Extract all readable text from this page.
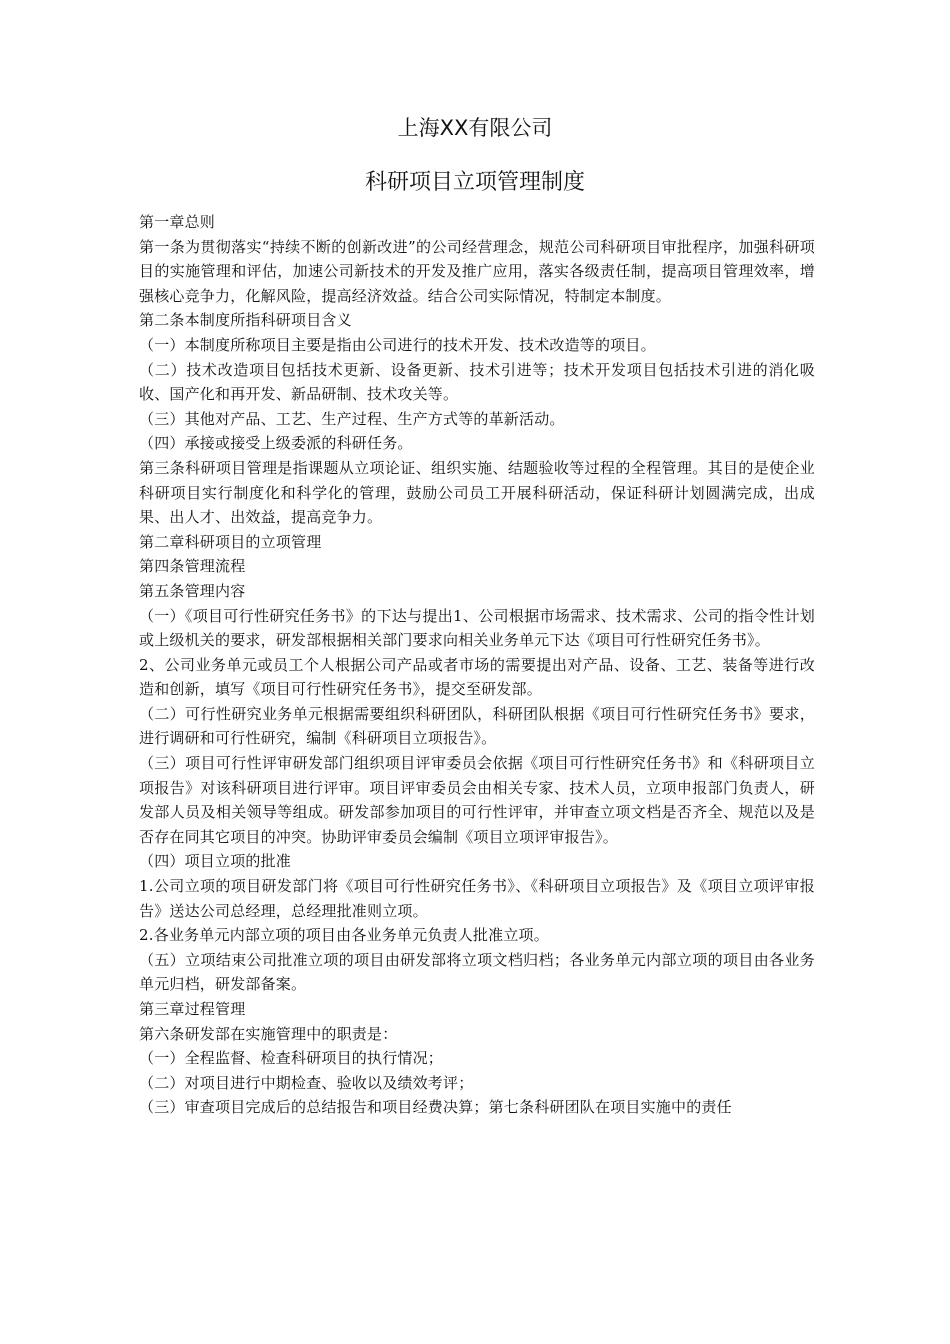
上海XX有限公司
科研项目立项管理制度

第一章总则

第一条为贯彻落实“持续不断的创新改进”的公司经营理念，规范公司科研项目审批程序，加强科研项目的实施管理和评估，加速公司新技术的开发及推广应用，落实各级责任制，提高项目管理效率，增强核心竞争力，化解风险，提高经济效益。结合公司实际情况，特制定本制度。

第二条本制度所指科研项目含义

（一）本制度所称项目主要是指由公司进行的技术开发、技术改造等的项目。

（二）技术改造项目包括技术更新、设备更新、技术引进等；技术开发项目包括技术引进的消化吸收、国产化和再开发、新品研制、技术攻关等。

（三）其他对产品、工艺、生产过程、生产方式等的革新活动。

（四）承接或接受上级委派的科研任务。

第三条科研项目管理是指课题从立项论证、组织实施、结题验收等过程的全程管理。其目的是使企业科研项目实行制度化和科学化的管理，鼓励公司员工开展科研活动，保证科研计划圆满完成，出成果、出人才、出效益，提高竞争力。

第二章科研项目的立项管理

第四条管理流程

第五条管理内容

（一）《项目可行性研究任务书》的下达与提出1、公司根据市场需求、技术需求、公司的指令性计划或上级机关的要求，研发部根据相关部门要求向相关业务单元下达《项目可行性研究任务书》。

2、公司业务单元或员工个人根据公司产品或者市场的需要提出对产品、设备、工艺、装备等进行改造和创新，填写《项目可行性研究任务书》，提交至研发部。

（二）可行性研究业务单元根据需要组织科研团队，科研团队根据《项目可行性研究任务书》要求，进行调研和可行性研究，编制《科研项目立项报告》。

（三）项目可行性评审研发部门组织项目评审委员会依据《项目可行性研究任务书》和《科研项目立项报告》对该科研项目进行评审。项目评审委员会由相关专家、技术人员，立项申报部门负责人，研发部人员及相关领导等组成。研发部参加项目的可行性评审，并审查立项文档是否齐全、规范以及是否存在同其它项目的冲突。协助评审委员会编制《项目立项评审报告》。

（四）项目立项的批准

1.公司立项的项目研发部门将《项目可行性研究任务书》、《科研项目立项报告》及《项目立项评审报告》送达公司总经理，总经理批准则立项。

2.各业务单元内部立项的项目由各业务单元负责人批准立项。

（五）立项结束公司批准立项的项目由研发部将立项文档归档；各业务单元内部立项的项目由各业务单元归档，研发部备案。

第三章过程管理

第六条研发部在实施管理中的职责是：

（一）全程监督、检查科研项目的执行情况；

（二）对项目进行中期检查、验收以及绩效考评；

（三）审查项目完成后的总结报告和项目经费决算；第七条科研团队在项目实施中的责任
